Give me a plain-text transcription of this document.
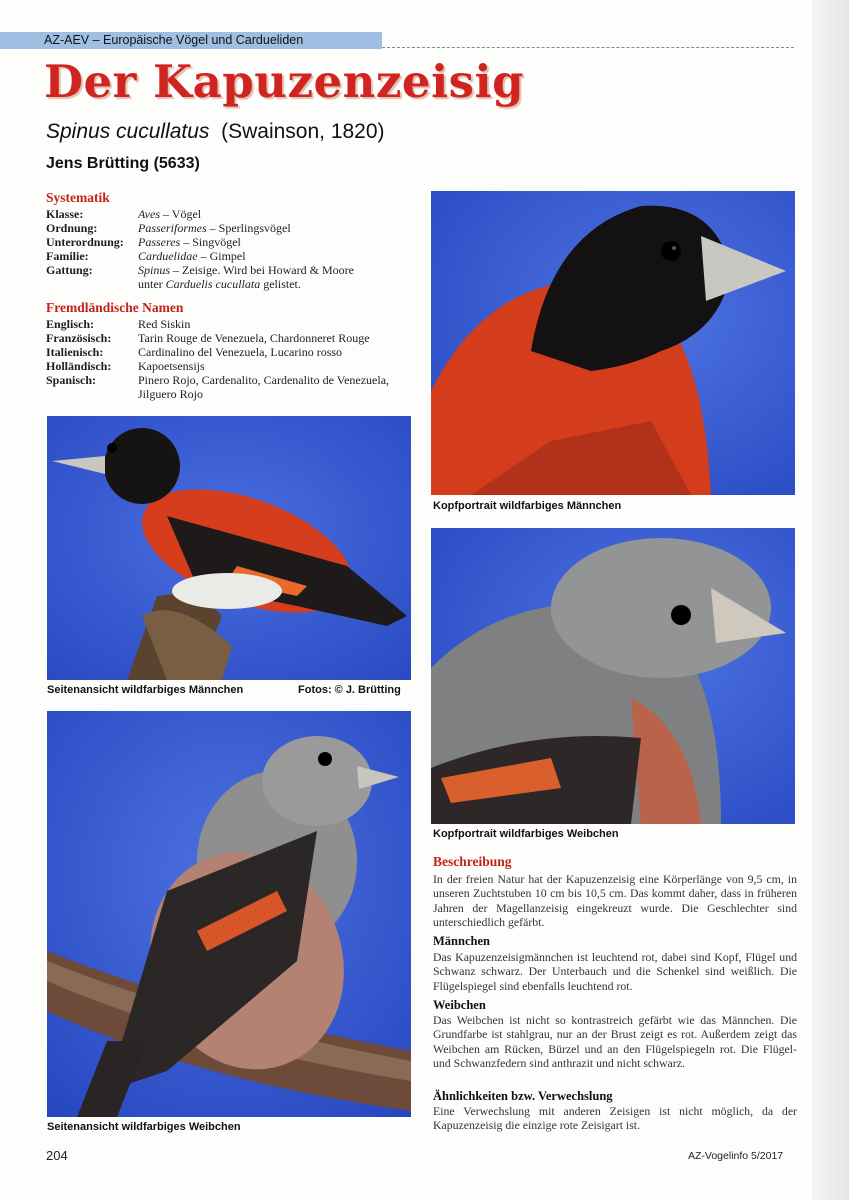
AZ-AEV – Europäische Vögel und Cardueliden
Der Kapuzenzeisig
Spinus cucullatus (Swainson, 1820)
Jens Brütting (5633)
Systematik
Klasse:	Aves – Vögel
Ordnung:	Passeriformes – Sperlingsvögel
Unterordnung: Passeres – Singvögel
Familie:	Carduelidae – Gimpel
Gattung:	Spinus – Zeisige. Wird bei Howard & Moore
unter Carduelis cucullata gelistet.
Fremdländische Namen
Englisch:	Red Siskin
Französisch: Tarin Rouge de Venezuela, Chardonneret Rouge
Italienisch:	Cardinalino del Venezuela, Lucarino rosso
Holländisch: Kapoetsensijs
Spanisch:	Pinero Rojo, Cardenalito, Cardenalito de Venezuela, Jilguero Rojo
Seitenansicht wildfarbiges Männchen	Fotos: © J. Brütting
Seitenansicht wildfarbiges Weibchen
Kopfportrait wildfarbiges Männchen
Kopfportrait wildfarbiges Weibchen
Beschreibung
In der freien Natur hat der Kapuzenzeisig eine Körperlänge von 9,5 cm, in unseren Zuchtstuben 10 cm bis 10,5 cm. Das kommt daher, dass in früheren Jahren der Magellanzeisig eingekreuzt wurde. Die Geschlechter sind unterschiedlich gefärbt.
Männchen
Das Kapuzenzeisigmännchen ist leuchtend rot, dabei sind Kopf, Flügel und Schwanz schwarz. Der Unterbauch und die Schenkel sind weißlich. Die Flügelspiegel sind ebenfalls leuchtend rot.
Weibchen
Das Weibchen ist nicht so kontrastreich gefärbt wie das Männchen. Die Grundfarbe ist stahlgrau, nur an der Brust zeigt es rot. Außerdem zeigt das Weibchen am Rücken, Bürzel und an den Flügelspiegeln rot. Die Flügel- und Schwanzfedern sind anthrazit und nicht schwarz.
Ähnlichkeiten bzw. Verwechslung
Eine Verwechslung mit anderen Zeisigen ist nicht möglich, da der Kapuzenzeisig die einzige rote Zeisigart ist.
204	AZ-Vogelinfo 5/2017
